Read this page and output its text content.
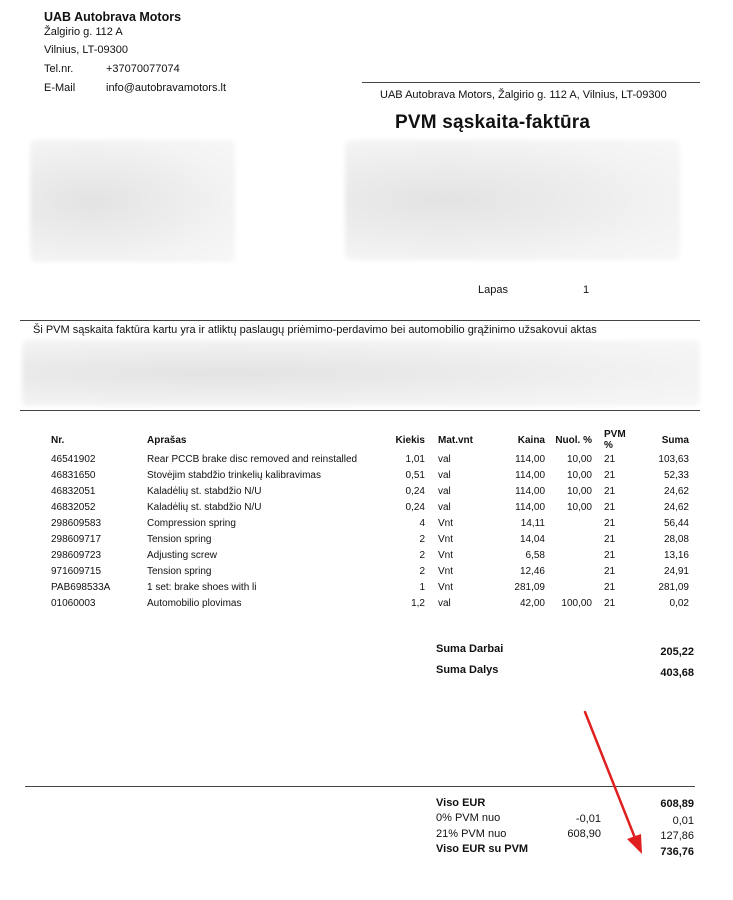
UAB Autobrava Motors
Žalgirio g. 112 A
Vilnius, LT-09300
Tel.nr.	+37070077074
E-Mail	info@autobravamotors.lt
UAB Autobrava Motors, Žalgirio g. 112 A, Vilnius, LT-09300
PVM sąskaita-faktūra
Lapas	1
Ši PVM sąskaita faktūra kartu yra ir atliktų paslaugų priėmimo-perdavimo bei automobilio grąžinimo užsakovui aktas
Nr.	Aprašas	Kiekis	Mat.vnt	Kaina	Nuol. %	PVM %	Suma
46541902	Rear PCCB brake disc removed and reinstalled	1,01	val	114,00	10,00	21	103,63
46831650	Stovėjim stabdžio trinkelių kalibravimas	0,51	val	114,00	10,00	21	52,33
46832051	Kaladėlių st. stabdžio N/U	0,24	val	114,00	10,00	21	24,62
46832052	Kaladėlių st. stabdžio N/U	0,24	val	114,00	10,00	21	24,62
298609583	Compression spring	4	Vnt	14,11		21	56,44
298609717	Tension spring	2	Vnt	14,04		21	28,08
298609723	Adjusting screw	2	Vnt	6,58		21	13,16
971609715	Tension spring	2	Vnt	12,46		21	24,91
PAB698533A	1 set: brake shoes with li	1	Vnt	281,09		21	281,09
01060003	Automobilio plovimas	1,2	val	42,00	100,00	21	0,02
Suma Darbai	205,22
Suma Dalys	403,68
Viso EUR	608,89
0% PVM nuo	-0,01	0,01
21% PVM nuo	608,90	127,86
Viso EUR su PVM	736,76
